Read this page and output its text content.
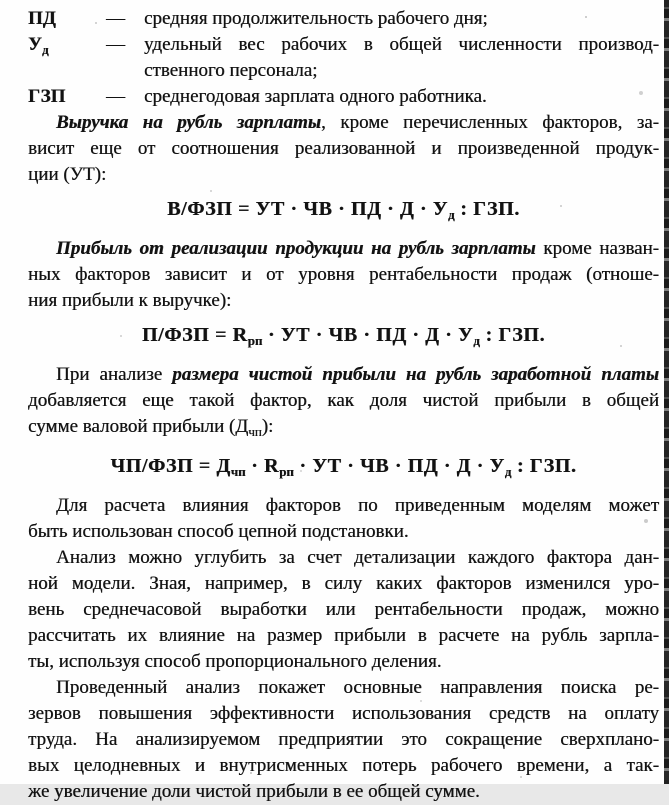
ПД	—	средняя продолжительность рабочего дня;
$У_д$	—	удельный вес рабочих в общей численности производ-
ственного персонала;
ГЗП	—	среднегодовая зарплата одного работника.
Выручка на рубль зарплаты, кроме перечисленных факторов, за-
висит еще от соотношения реализованной и произведенной продук-
ции (УТ):
В/ФЗП = УТ · ЧВ · ПД · $Д \cdot У_д$ : ГЗП.
Прибыль от реализации продукции на рубль зарплаты кроме назван-
ных факторов зависит и от уровня рентабельности продаж (отноше-
ния прибыли к выручке):
$П/ФЗП = R_{рп}$ · УТ · ЧВ · ПД · $Д \cdot У_д$ : ГЗП.
При анализе размера чистой прибыли на рубль заработной платы
добавляется еще такой фактор, как доля чистой прибыли в общей
сумме валовой прибыли $(Д_{чп})$:
$ЧП/ФЗП = Д_{чп} \cdot R_{рп}$ · УТ · ЧВ · ПД · $Д \cdot У_д$ : ГЗП.
Для расчета влияния факторов по приведенным моделям может
быть использован способ цепной подстановки.
Анализ можно углубить за счет детализации каждого фактора дан-
ной модели. Зная, например, в силу каких факторов изменился уро-
вень среднечасовой выработки или рентабельности продаж, можно
рассчитать их влияние на размер прибыли в расчете на рубль зарпла-
ты, используя способ пропорционального деления.
Проведенный анализ покажет основные направления поиска ре-
зервов повышения эффективности использования средств на оплату
труда. На анализируемом предприятии это сокращение сверхплано-
вых целодневных и внутрисменных потерь рабочего времени, а так-
же увеличение доли чистой прибыли в ее общей сумме.
